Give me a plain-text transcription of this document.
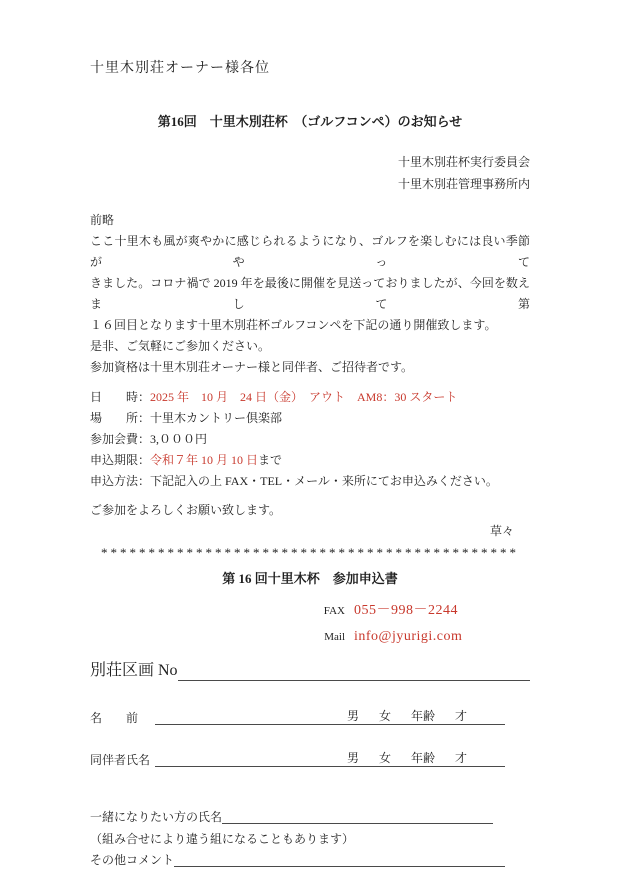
十里木別荘オーナー様各位
第16回　十里木別荘杯　（ゴルフコンペ）のお知らせ
十里木別荘杯実行委員会
十里木別荘管理事務所内
前略
ここ十里木も風が爽やかに感じられるようになり、ゴルフを楽しむには良い季節がやって
きました。コロナ禍で 2019 年を最後に開催を見送っておりましたが、今回を数えまして第
１６回目となります十里木別荘杯ゴルフコンペを下記の通り開催致します。
是非、ご気軽にご参加ください。
参加資格は十里木別荘オーナー様と同伴者、ご招待者です。
日　　時：2025 年　10 月　24 日（金）　アウト　AM8：30 スタート
場　　所：十里木カントリー倶楽部
参加会費：3,０００円
申込期限：令和７年 10 月 10 日まで
申込方法：下記記入の上 FAX・TEL・メール・来所にてお申込みください。
ご参加をよろしくお願い致します。
草々
********************************************
第 16 回十里木杯　参加申込書
FAX 055－998－2244
Mail info@jyurigi.com
別荘区画 No
名　　前	男 女 年齢 才
同伴者氏名	男 女 年齢 才
一緒になりたい方の氏名
（組み合せにより違う組になることもあります）
その他コメント
